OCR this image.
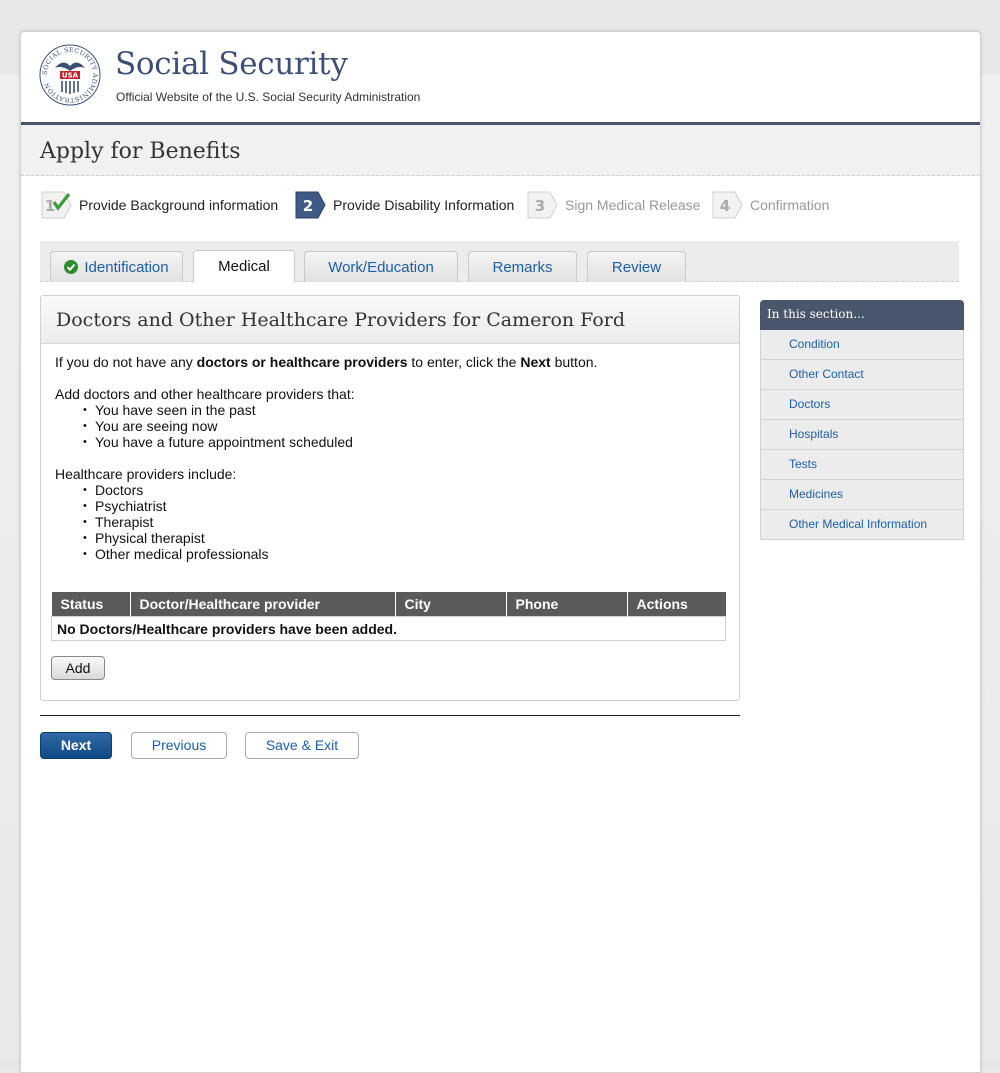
SOCIAL SECURITY ADMINISTRATION
USA Social Security
Official Website of the U.S. Social Security Administration
Apply for Benefits
1 Provide Background information 2 Provide Disability Information 3 Sign Medical Release 4 Confirmation
Identification	Medical	Work/Education	Remarks	Review
Doctors and Other Healthcare Providers for Cameron Ford

If you do not have any doctors or healthcare providers to enter, click the Next button.

Add doctors and other healthcare providers that:

• You have seen in the past
• You are seeing now
• You have a future appointment scheduled

Healthcare providers include:

• Doctors
• Psychiatrist
• Therapist
• Physical therapist
• Other medical professionals
Status	Doctor/Healthcare provider	City	Phone	Actions
No Doctors/Healthcare providers have been added.
Add
Next	Previous	Save & Exit
In this section...
Condition
Other Contact
Doctors
Hospitals
Tests
Medicines
Other Medical Information
